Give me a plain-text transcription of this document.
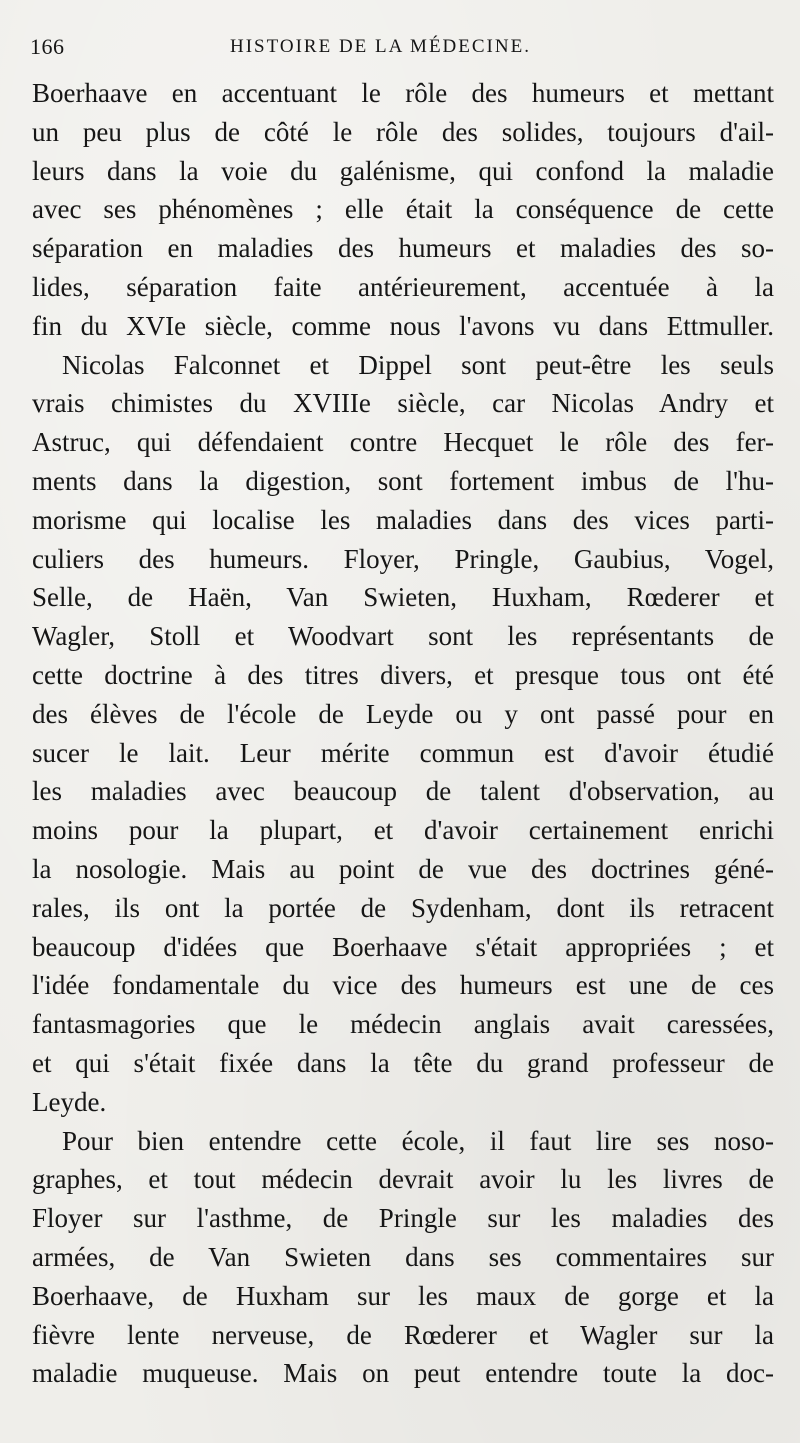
166	HISTOIRE DE LA MÉDECINE.
Boerhaave en accentuant le rôle des humeurs et mettant
un peu plus de côté le rôle des solides, toujours d'ail-
leurs dans la voie du galénisme, qui confond la maladie
avec ses phénomènes ; elle était la conséquence de cette
séparation en maladies des humeurs et maladies des so-
lides, séparation faite antérieurement, accentuée à la
fin du XVIe siècle, comme nous l'avons vu dans Ettmuller.
Nicolas Falconnet et Dippel sont peut-être les seuls
vrais chimistes du XVIIIe siècle, car Nicolas Andry et
Astruc, qui défendaient contre Hecquet le rôle des fer-
ments dans la digestion, sont fortement imbus de l'hu-
morisme qui localise les maladies dans des vices parti-
culiers des humeurs. Floyer, Pringle, Gaubius, Vogel,
Selle, de Haën, Van Swieten, Huxham, Rœderer et
Wagler, Stoll et Woodvart sont les représentants de
cette doctrine à des titres divers, et presque tous ont été
des élèves de l'école de Leyde ou y ont passé pour en
sucer le lait. Leur mérite commun est d'avoir étudié
les maladies avec beaucoup de talent d'observation, au
moins pour la plupart, et d'avoir certainement enrichi
la nosologie. Mais au point de vue des doctrines géné-
rales, ils ont la portée de Sydenham, dont ils retracent
beaucoup d'idées que Boerhaave s'était appropriées ; et
l'idée fondamentale du vice des humeurs est une de ces
fantasmagories que le médecin anglais avait caressées,
et qui s'était fixée dans la tête du grand professeur de
Leyde.
Pour bien entendre cette école, il faut lire ses noso-
graphes, et tout médecin devrait avoir lu les livres de
Floyer sur l'asthme, de Pringle sur les maladies des
armées, de Van Swieten dans ses commentaires sur
Boerhaave, de Huxham sur les maux de gorge et la
fièvre lente nerveuse, de Rœderer et Wagler sur la
maladie muqueuse. Mais on peut entendre toute la doc-
